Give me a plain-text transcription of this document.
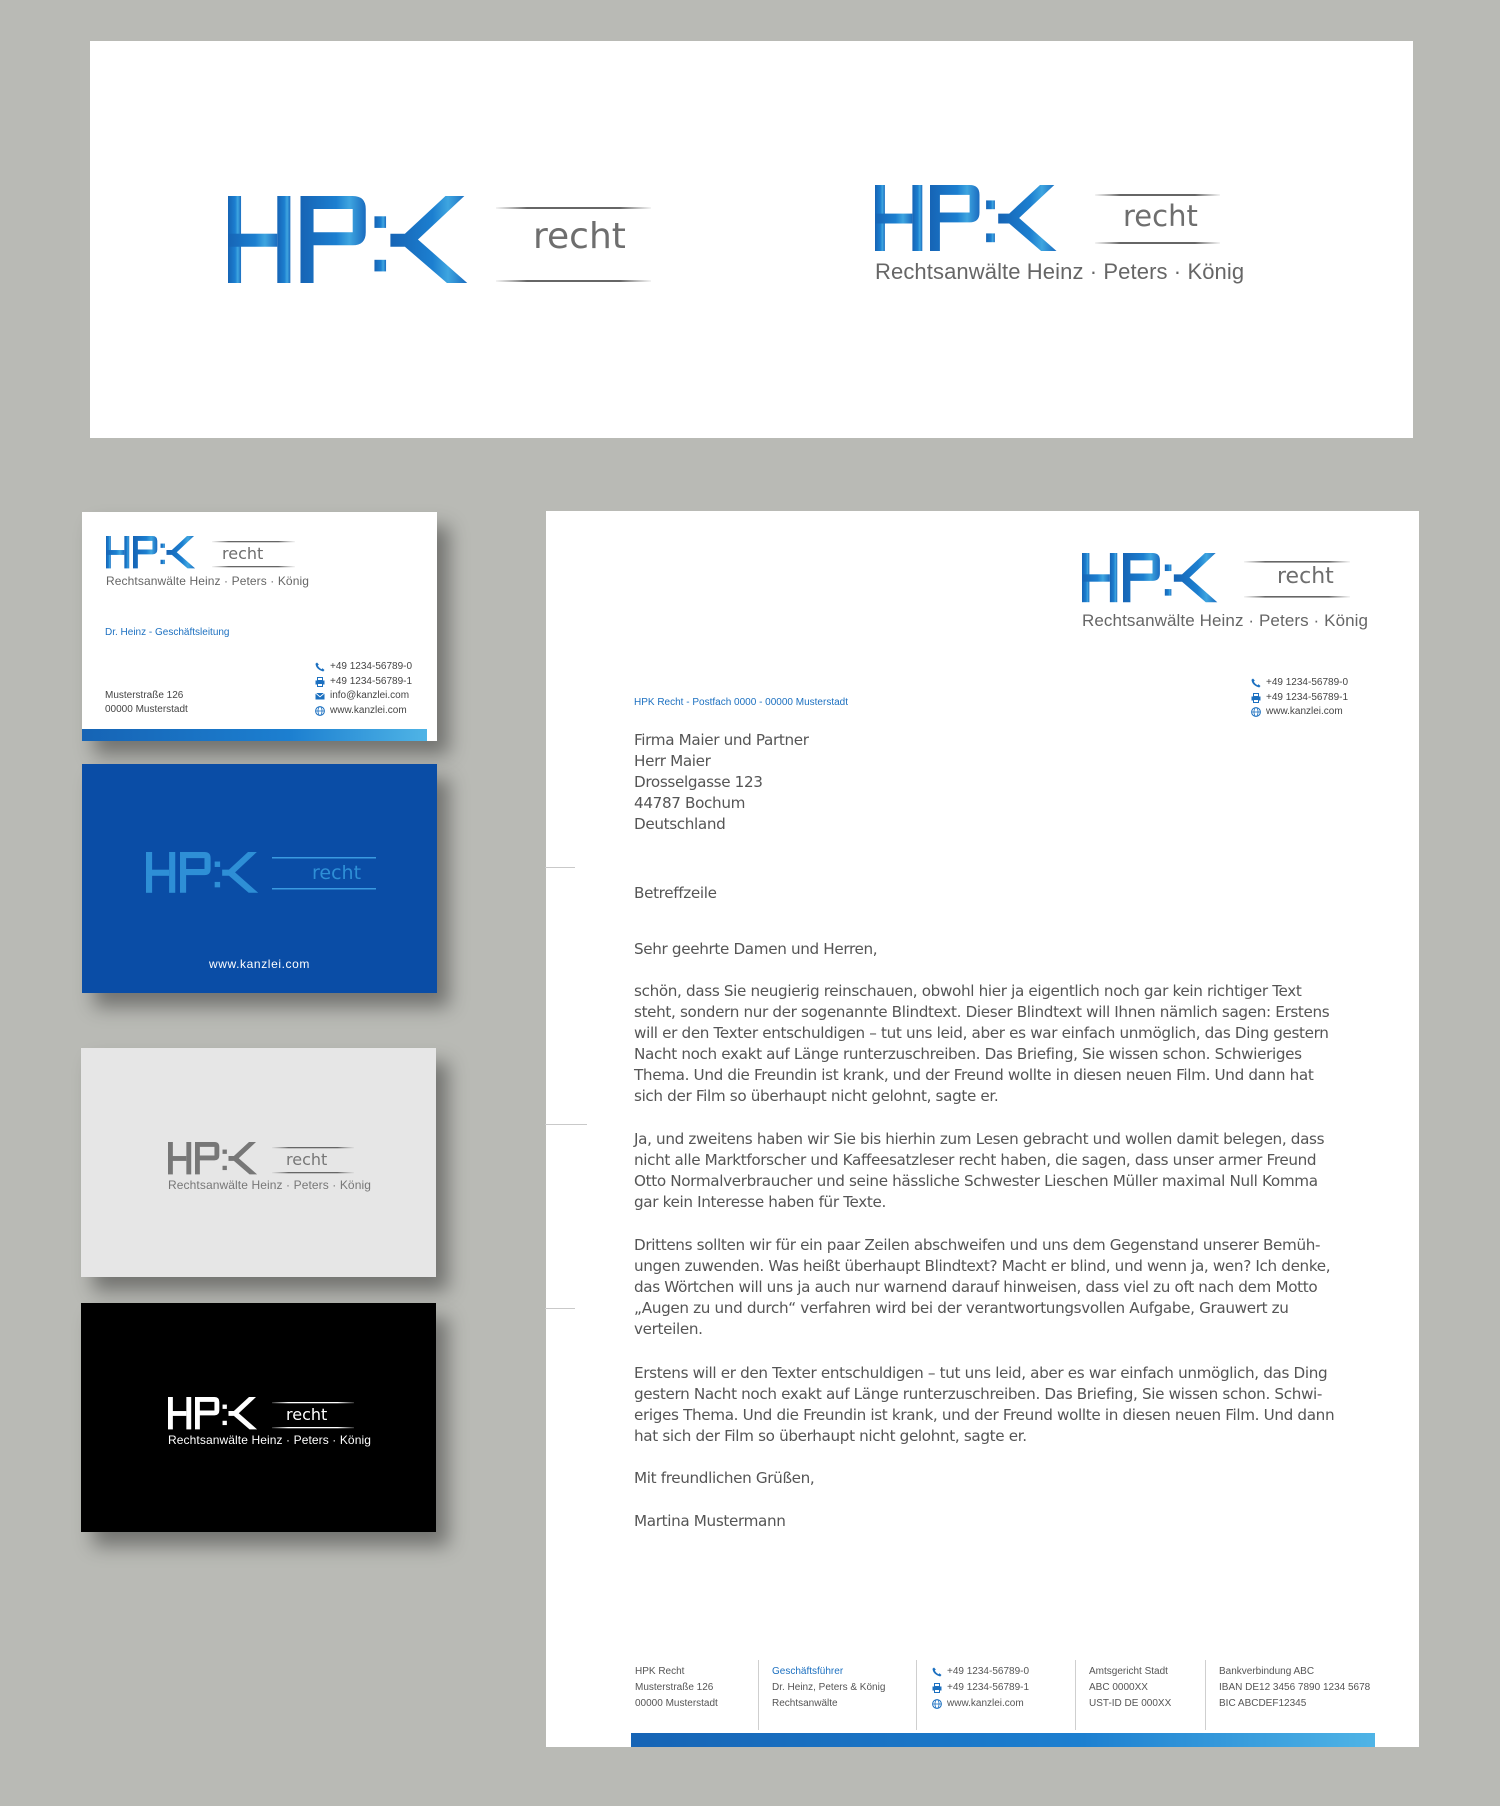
recht	recht
Rechtsanwälte Heinz · Peters · König
recht
Rechtsanwälte Heinz · Peters · König
Dr. Heinz - Geschäftsleitung
Musterstraße 126
00000 Musterstadt
+49 1234-56789-0
+49 1234-56789-1
info@kanzlei.com
www.kanzlei.com
recht
www.kanzlei.com
recht
Rechtsanwälte Heinz · Peters · König
recht
Rechtsanwälte Heinz · Peters · König
recht
Rechtsanwälte Heinz · Peters · König
+49 1234-56789-0
+49 1234-56789-1
www.kanzlei.com
HPK Recht - Postfach 0000 - 00000 Musterstadt

Firma Maier und Partner

Herr Maier

Drosselgasse 123

44787 Bochum

Deutschland

Betreffzeile
Sehr geehrte Damen und Herren,

schön, dass Sie neugierig reinschauen, obwohl hier ja eigentlich noch gar kein richtiger Text

steht, sondern nur der sogenannte Blindtext. Dieser Blindtext will Ihnen nämlich sagen: Erstens

will er den Texter entschuldigen – tut uns leid, aber es war einfach unmöglich, das Ding gestern

Nacht noch exakt auf Länge runterzuschreiben. Das Briefing, Sie wissen schon. Schwieriges

Thema. Und die Freundin ist krank, und der Freund wollte in diesen neuen Film. Und dann hat

sich der Film so überhaupt nicht gelohnt, sagte er.

Ja, und zweitens haben wir Sie bis hierhin zum Lesen gebracht und wollen damit belegen, dass

nicht alle Marktforscher und Kaffeesatzleser recht haben, die sagen, dass unser armer Freund

Otto Normalverbraucher und seine hässliche Schwester Lieschen Müller maximal Null Komma

gar kein Interesse haben für Texte.

Drittens sollten wir für ein paar Zeilen abschweifen und uns dem Gegenstand unserer Bemüh-

ungen zuwenden. Was heißt überhaupt Blindtext? Macht er blind, und wenn ja, wen? Ich denke,

das Wörtchen will uns ja auch nur warnend darauf hinweisen, dass viel zu oft nach dem Motto

„Augen zu und durch“ verfahren wird bei der verantwortungsvollen Aufgabe, Grauwert zu

verteilen.

Erstens will er den Texter entschuldigen – tut uns leid, aber es war einfach unmöglich, das Ding

gestern Nacht noch exakt auf Länge runterzuschreiben. Das Briefing, Sie wissen schon. Schwi-

eriges Thema. Und die Freundin ist krank, und der Freund wollte in diesen neuen Film. Und dann

hat sich der Film so überhaupt nicht gelohnt, sagte er.

Mit freundlichen Grüßen,
Martina Mustermann
HPK Recht
Musterstraße 126
00000 Musterstadt
Geschäftsführer
Dr. Heinz, Peters & König
Rechtsanwälte
+49 1234-56789-0
+49 1234-56789-1
www.kanzlei.com
Amtsgericht Stadt
ABC 0000XX
UST-ID DE 000XX
Bankverbindung ABC
IBAN DE12 3456 7890 1234 5678
BIC ABCDEF12345
